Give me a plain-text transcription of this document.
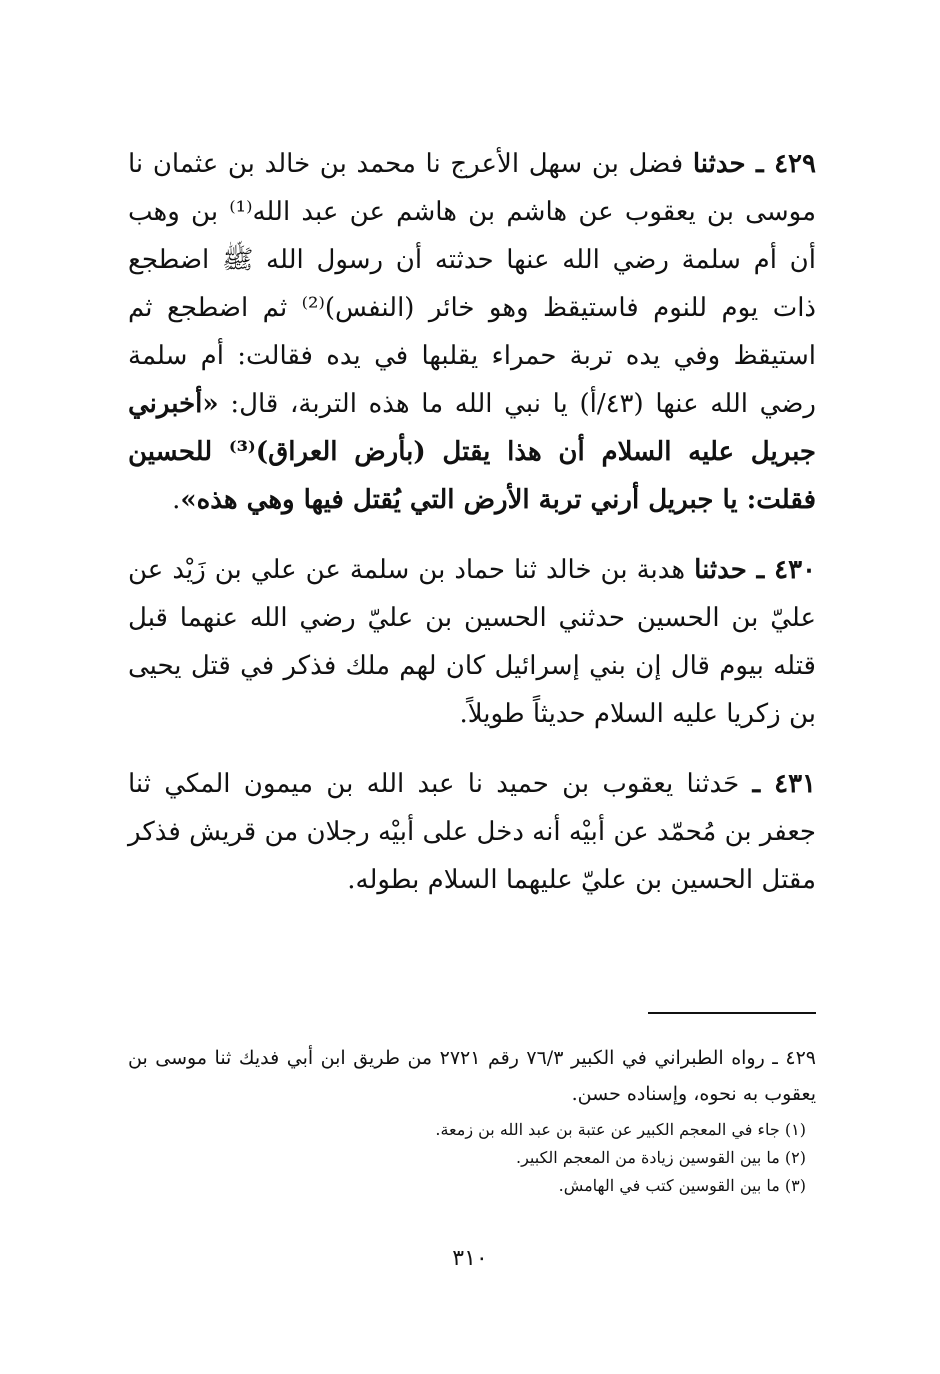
٤٢٩ ـ حدثنا فضل بن سهل الأعرج نا محمد بن خالد بن عثمان نا موسى بن يعقوب عن هاشم بن هاشم عن عبد الله⁽¹⁾ بن وهب أن أم سلمة رضي الله عنها حدثته أن رسول الله ﷺ اضطجع ذات يوم للنوم فاستيقظ وهو خائر (النفس)⁽²⁾ ثم اضطجع ثم استيقظ وفي يده تربة حمراء يقلبها في يده فقالت: أم سلمة رضي الله عنها (٤٣/أ) يا نبي الله ما هذه التربة، قال: «أخبرني جبريل عليه السلام أن هذا يقتل (بأرض العراق)⁽³⁾ للحسين فقلت: يا جبريل أرني تربة الأرض التي يُقتل فيها وهي هذه».

٤٣٠ ـ حدثنا هدبة بن خالد ثنا حماد بن سلمة عن علي بن زَيْد عن عليّ بن الحسين حدثني الحسين بن عليّ رضي الله عنهما قبل قتله بيوم قال إن بني إسرائيل كان لهم ملك فذكر في قتل يحيى بن زكريا عليه السلام حديثاً طويلاً.

٤٣١ ـ حَدثنا يعقوب بن حميد نا عبد الله بن ميمون المكي ثنا جعفر بن مُحمّد عن أبيْه أنه دخل على أبيْه رجلان من قريش فذكر مقتل الحسين بن عليّ عليهما السلام بطوله.

٤٢٩ ـ رواه الطبراني في الكبير ٧٦/٣ رقم ٢٧٢١ من طريق ابن أبي فديك ثنا موسى بن يعقوب به نحوه، وإسناده حسن.

(١) جاء في المعجم الكبير عن عتبة بن عبد الله بن زمعة.

(٢) ما بين القوسين زيادة من المعجم الكبير.

(٣) ما بين القوسين كتب في الهامش.

٣١٠
